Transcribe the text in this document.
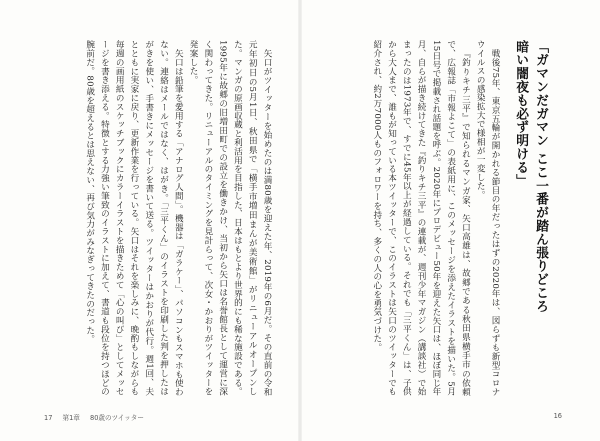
矢口がツイッターを始めたのは満80歳を迎えた年、2019年の6月だ。その直前の令和元年初日の5月1日、秋田県で「横手市増田まんが美術館」がリニューアルオープンした。マンガの原画収蔵と利活用を目指した、日本はもとより世界的にも稀な施設である。1995年に故郷の旧増田町での設立を働きかけ、当初から矢口は名誉館長として運営に深く関わってきた。リニューアルのタイミングを見計らって、次女・かおりがツイッターを発案した。

矢口は鉛筆を愛用する「アナログ人間」。機器は「ガラケー」、パソコンもスマホも使わない。連絡はメールではなく、はがき。「三平くん」のイラストを印刷した判を押したはがきを使い、手書きにメッセージを書いて送る。ツイッターはかおりが代行。週1回、夫とともに実家に戻り、更新作業を行っている。矢口はそれを楽しみに、晩酌もしながらも毎週の画用紙のスケッチブックにカラーイラストを描きためて「心の叫び」としてメッセージを書き添える。特徴とする力強い筆致のイラストに加えて、書道も段位を持つほどの腕前だ。80歳を超えるとは思えない、再び気力がみなぎってきたのだった。

17 第1章 80歳のツイッター
「ガマンだガマン ここ一番が踏ん張りどころ
暗い闇夜も必ず明ける」

戦後75年、東京五輪が開かれる節目の年だったはずの2020年は、図らずも新型コロナウイルスの感染拡大で様相が一変した。

『釣りキチ三平』で知られるマンガ家、矢口高雄は、故郷である秋田県横手市の依頼で、広報誌「市報よこて」の表紙用に、このメッセージを添えたイラストを描いた。5月15日号で掲載され話題を呼ぶ。2020年にプロデビュー50年を迎えた矢口は、ほぼ同じ年月、自らが描き続けてきた『釣りキチ三平』の連載が、週刊少年マガジン（講談社）で始まったのは1973年で、すでに45年以上が経過している。それでも「三平くん」は、子供から大人まで、誰もが知っている本ツイッターで、このイラストは矢口のツイッターでも紹介され、約2万7000人ものフォロワーを持ち、多くの人の心を勇気づけた。

16
